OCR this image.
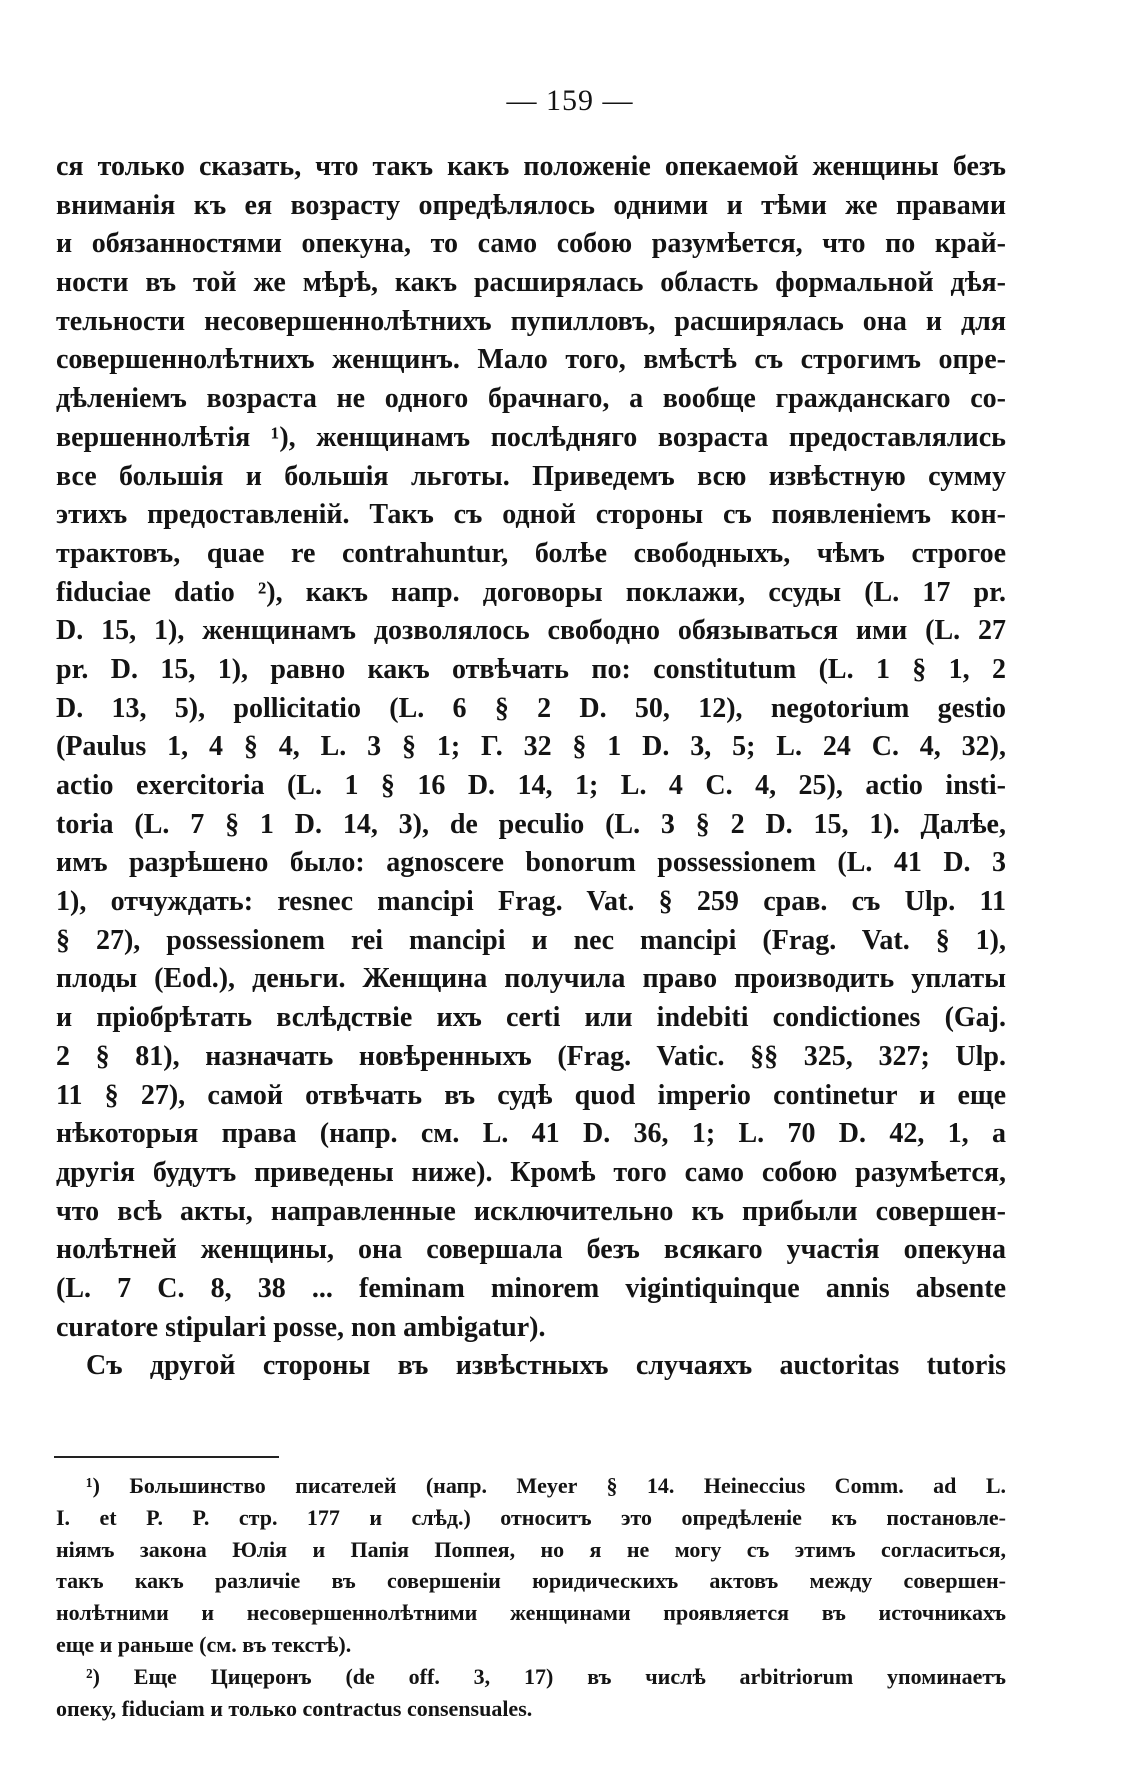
— 159 —
ся только сказать, что такъ какъ положеніе опекаемой женщины безъ
вниманія къ ея возрасту опредѣлялось одними и тѣми же правами
и обязанностями опекуна, то само собою разумѣется, что по край-
ности въ той же мѣрѣ, какъ расширялась область формальной дѣя-
тельности несовершеннолѣтнихъ пупилловъ, расширялась она и для
совершеннолѣтнихъ женщинъ. Мало того, вмѣстѣ съ строгимъ опре-
дѣленіемъ возраста не одного брачнаго, а вообще гражданскаго со-
вершеннолѣтія ¹), женщинамъ послѣдняго возраста предоставлялись
все большія и большія льготы. Приведемъ всю извѣстную сумму
этихъ предоставленій. Такъ съ одной стороны съ появленіемъ кон-
трактовъ, quae re contrahuntur, болѣе свободныхъ, чѣмъ строгое
fiduciae datio ²), какъ напр. договоры поклажи, ссуды (L. 17 pr.
D. 15, 1), женщинамъ дозволялось свободно обязываться ими (L. 27
pr. D. 15, 1), равно какъ отвѣчать по: constitutum (L. 1 § 1, 2
D. 13, 5), pollicitatio (L. 6 § 2 D. 50, 12), negotorium gestio
(Paulus 1, 4 § 4, L. 3 § 1; Г. 32 § 1 D. 3, 5; L. 24 C. 4, 32),
actio exercitoria (L. 1 § 16 D. 14, 1; L. 4 C. 4, 25), actio insti-
toria (L. 7 § 1 D. 14, 3), de peculio (L. 3 § 2 D. 15, 1). Далѣе,
имъ разрѣшено было: agnoscere bonorum possessionem (L. 41 D. 3
1), отчуждать: resnec mancipi Frag. Vat. § 259 срав. съ Ulp. 11
§ 27), possessionem rei mancipi и nec mancipi (Frag. Vat. § 1),
плоды (Eod.), деньги. Женщина получила право производить уплаты
и пріобрѣтать вслѣдствіе ихъ certi или indebiti condictiones (Gaj.
2 § 81), назначать новѣренныхъ (Frag. Vatic. §§ 325, 327; Ulp.
11 § 27), самой отвѣчать въ судѣ quod imperio continetur и еще
нѣкоторыя права (напр. см. L. 41 D. 36, 1; L. 70 D. 42, 1, а
другія будутъ приведены ниже). Кромѣ того само собою разумѣется,
что всѣ акты, направленные исключительно къ прибыли совершен-
нолѣтней женщины, она совершала безъ всякаго участія опекуна
(L. 7 C. 8, 38 ... feminam minorem vigintiquinque annis absente
curatore stipulari posse, non ambigatur).
Съ другой стороны въ извѣстныхъ случаяхъ auctoritas tutoris
¹) Большинство писателей (напр. Meyer § 14. Heineccius Comm. ad L.
I. et P. P. стр. 177 и слѣд.) относитъ это опредѣленіе къ постановле-
ніямъ закона Юлія и Папія Поппея, но я не могу съ этимъ согласиться,
такъ какъ различіе въ совершеніи юридическихъ актовъ между совершен-
нолѣтними и несовершеннолѣтними женщинами проявляется въ источникахъ
еще и раньше (см. въ текстѣ).
²) Еще Цицеронъ (de off. 3, 17) въ числѣ arbitriorum упоминаетъ
опеку, fiduciam и только contractus consensuales.
